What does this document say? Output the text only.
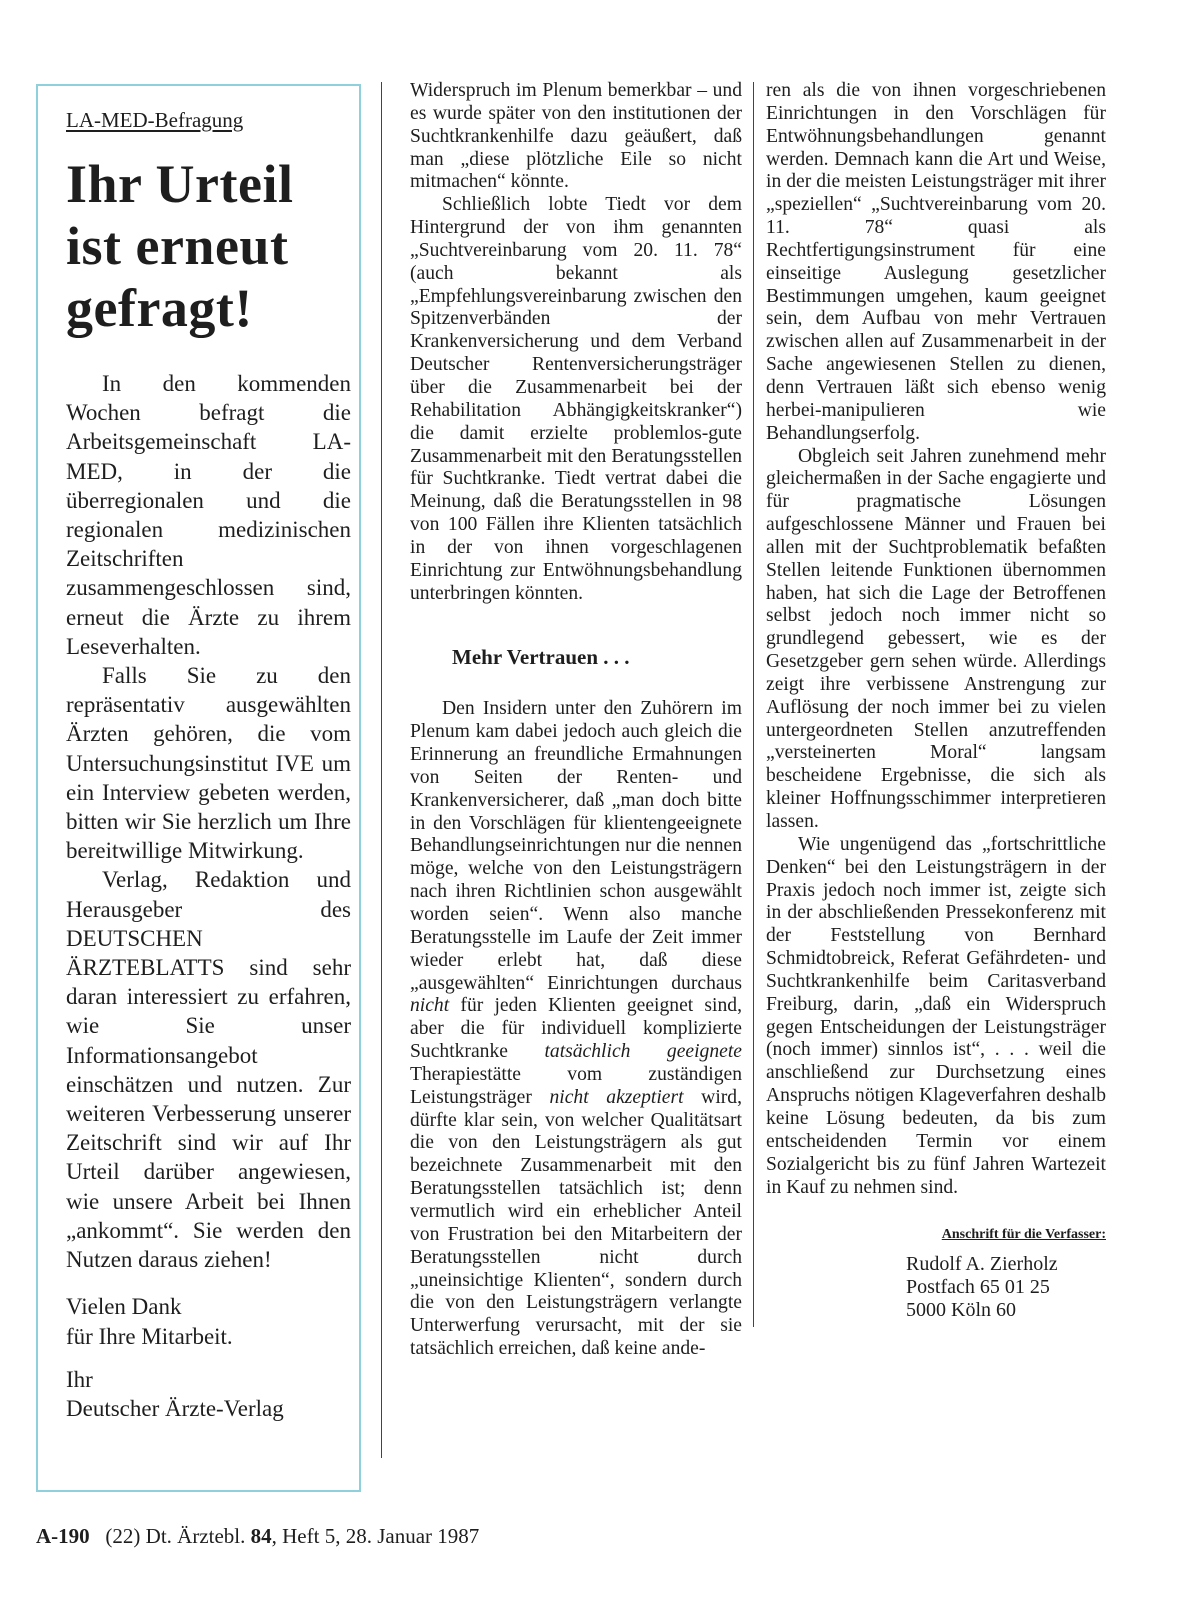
LA-MED-Befragung
Ihr Urteil
ist erneut
gefragt!

In den kommenden Wochen befragt die Arbeitsgemeinschaft LA-MED, in der die überregionalen und die regionalen medizinischen Zeitschriften zusammengeschlossen sind, erneut die Ärzte zu ihrem Leseverhalten.

Falls Sie zu den repräsentativ ausgewählten Ärzten gehören, die vom Untersuchungsinstitut IVE um ein Interview gebeten werden, bitten wir Sie herzlich um Ihre bereitwillige Mitwirkung.

Verlag, Redaktion und Herausgeber des DEUTSCHEN ÄRZTEBLATTS sind sehr daran interessiert zu erfahren, wie Sie unser Informationsangebot einschätzen und nutzen. Zur weiteren Verbesserung unserer Zeitschrift sind wir auf Ihr Urteil darüber angewiesen, wie unsere Arbeit bei Ihnen „ankommt“. Sie werden den Nutzen daraus ziehen!

Vielen Dank
für Ihre Mitarbeit.

Ihr
Deutscher Ärzte-Verlag

Widerspruch im Plenum bemerkbar – und es wurde später von den institutionen der Suchtkrankenhilfe dazu geäußert, daß man „diese plötzliche Eile so nicht mitmachen“ könnte.

Schließlich lobte Tiedt vor dem Hintergrund der von ihm genannten „Suchtvereinbarung vom 20. 11. 78“ (auch bekannt als „Empfehlungsvereinbarung zwischen den Spitzenverbänden der Krankenversicherung und dem Verband Deutscher Rentenversicherungsträger über die Zusammenarbeit bei der Rehabilitation Abhängigkeitskranker“) die damit erzielte problemlos-gute Zusammenarbeit mit den Beratungsstellen für Suchtkranke. Tiedt vertrat dabei die Meinung, daß die Beratungsstellen in 98 von 100 Fällen ihre Klienten tatsächlich in der von ihnen vorgeschlagenen Einrichtung zur Entwöhnungsbehandlung unterbringen könnten.

Mehr Vertrauen . . .

Den Insidern unter den Zuhörern im Plenum kam dabei jedoch auch gleich die Erinnerung an freundliche Ermahnungen von Seiten der Renten- und Krankenversicherer, daß „man doch bitte in den Vorschlägen für klientengeeignete Behandlungseinrichtungen nur die nennen möge, welche von den Leistungsträgern nach ihren Richtlinien schon ausgewählt worden seien“. Wenn also manche Beratungsstelle im Laufe der Zeit immer wieder erlebt hat, daß diese „ausgewählten“ Einrichtungen durchaus nicht für jeden Klienten geeignet sind, aber die für individuell komplizierte Suchtkranke tatsächlich geeignete Therapiestätte vom zuständigen Leistungsträger nicht akzeptiert wird, dürfte klar sein, von welcher Qualitätsart die von den Leistungsträgern als gut bezeichnete Zusammenarbeit mit den Beratungsstellen tatsächlich ist; denn vermutlich wird ein erheblicher Anteil von Frustration bei den Mitarbeitern der Beratungsstellen nicht durch „uneinsichtige Klienten“, sondern durch die von den Leistungsträgern verlangte Unterwerfung verursacht, mit der sie tatsächlich erreichen, daß keine ande-

ren als die von ihnen vorgeschriebenen Einrichtungen in den Vorschlägen für Entwöhnungsbehandlungen genannt werden. Demnach kann die Art und Weise, in der die meisten Leistungsträger mit ihrer „speziellen“ „Suchtvereinbarung vom 20. 11. 78“ quasi als Rechtfertigungsinstrument für eine einseitige Auslegung gesetzlicher Bestimmungen umgehen, kaum geeignet sein, dem Aufbau von mehr Vertrauen zwischen allen auf Zusammenarbeit in der Sache angewiesenen Stellen zu dienen, denn Vertrauen läßt sich ebenso wenig herbei-manipulieren wie Behandlungserfolg.

Obgleich seit Jahren zunehmend mehr gleichermaßen in der Sache engagierte und für pragmatische Lösungen aufgeschlossene Männer und Frauen bei allen mit der Suchtproblematik befaßten Stellen leitende Funktionen übernommen haben, hat sich die Lage der Betroffenen selbst jedoch noch immer nicht so grundlegend gebessert, wie es der Gesetzgeber gern sehen würde. Allerdings zeigt ihre verbissene Anstrengung zur Auflösung der noch immer bei zu vielen untergeordneten Stellen anzutreffenden „versteinerten Moral“ langsam bescheidene Ergebnisse, die sich als kleiner Hoffnungsschimmer interpretieren lassen.

Wie ungenügend das „fortschrittliche Denken“ bei den Leistungsträgern in der Praxis jedoch noch immer ist, zeigte sich in der abschließenden Pressekonferenz mit der Feststellung von Bernhard Schmidtobreick, Referat Gefährdeten- und Suchtkrankenhilfe beim Caritasverband Freiburg, darin, „daß ein Widerspruch gegen Entscheidungen der Leistungsträger (noch immer) sinnlos ist“, . . . weil die anschließend zur Durchsetzung eines Anspruchs nötigen Klageverfahren deshalb keine Lösung bedeuten, da bis zum entscheidenden Termin vor einem Sozialgericht bis zu fünf Jahren Wartezeit in Kauf zu nehmen sind.

Anschrift für die Verfasser:
Rudolf A. Zierholz
Postfach 65 01 25
5000 Köln 60
A-190 (22) Dt. Ärztebl. 84, Heft 5, 28. Januar 1987
